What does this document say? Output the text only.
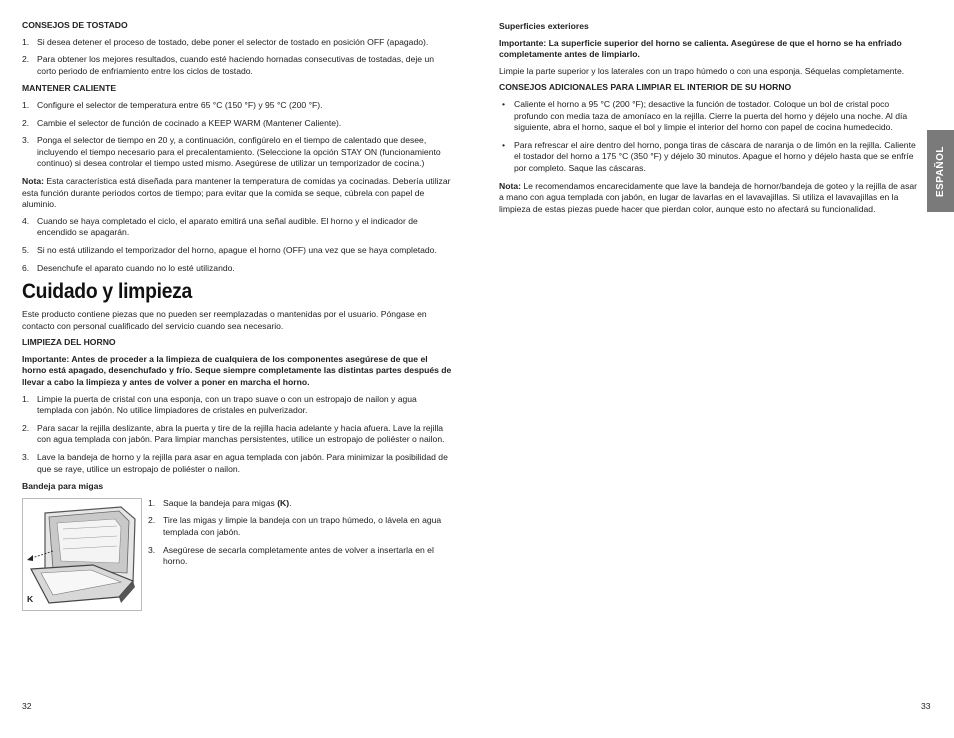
CONSEJOS DE TOSTADO
1. Si desea detener el proceso de tostado, debe poner el selector de tostado en posición OFF (apagado).
2. Para obtener los mejores resultados, cuando esté haciendo hornadas consecutivas de tostadas, deje un corto periodo de enfriamiento entre los ciclos de tostado.
MANTENER CALIENTE
1. Configure el selector de temperatura entre 65 °C (150 °F) y 95 °C (200 °F).
2. Cambie el selector de función de cocinado a KEEP WARM (Mantener Caliente).
3. Ponga el selector de tiempo en 20 y, a continuación, configúrelo en el tiempo de calentado que desee, incluyendo el tiempo necesario para el precalentamiento. (Seleccione la opción STAY ON (funcionamiento continuo) si desea controlar el tiempo usted mismo. Asegúrese de utilizar un temporizador de cocina.)

Nota: Esta característica está diseñada para mantener la temperatura de comidas ya cocinadas. Debería utilizar esta función durante periodos cortos de tiempo; para evitar que la comida se seque, cúbrela con papel de aluminio.

4. Cuando se haya completado el ciclo, el aparato emitirá una señal audible. El horno y el indicador de encendido se apagarán.
5. Si no está utilizando el temporizador del horno, apague el horno (OFF) una vez que se haya completado.
6. Desenchufe el aparato cuando no lo esté utilizando.
Cuidado y limpieza

Este producto contiene piezas que no pueden ser reemplazadas o mantenidas por el usuario. Póngase en contacto con personal cualificado del servicio cuando sea necesario.

LIMPIEZA DEL HORNO

Importante: Antes de proceder a la limpieza de cualquiera de los componentes asegúrese de que el horno está apagado, desenchufado y frío. Seque siempre completamente las distintas partes después de llevar a cabo la limpieza y antes de volver a poner en marcha el horno.

1. Limpie la puerta de cristal con una esponja, con un trapo suave o con un estropajo de nailon y agua templada con jabón. No utilice limpiadores de cristales en pulverizador.
2. Para sacar la rejilla deslizante, abra la puerta y tire de la rejilla hacia adelante y hacia afuera. Lave la rejilla con agua templada con jabón. Para limpiar manchas persistentes, utilice un estropajo de poliéster o nailon.
3. Lave la bandeja de horno y la rejilla para asar en agua templada con jabón. Para minimizar la posibilidad de que se raye, utilice un estropajo de poliéster o nailon.
Bandeja para migas
K
1. Saque la bandeja para migas (K).
2. Tire las migas y limpie la bandeja con un trapo húmedo, o lávela en agua templada con jabón.
3. Asegúrese de secarla completamente antes de volver a insertarla en el horno.
32
Superficies exteriores

Importante: La superficie superior del horno se calienta. Asegúrese de que el horno se ha enfriado completamente antes de limpiarlo.

Limpie la parte superior y los laterales con un trapo húmedo o con una esponja. Séquelas completamente.

CONSEJOS ADICIONALES PARA LIMPIAR EL INTERIOR DE SU HORNO
• Caliente el horno a 95 °C (200 °F); desactive la función de tostador. Coloque un bol de cristal poco profundo con media taza de amoníaco en la rejilla. Cierre la puerta del horno y déjelo una noche. Al día siguiente, abra el horno, saque el bol y limpie el interior del horno con papel de cocina humedecido.
• Para refrescar el aire dentro del horno, ponga tiras de cáscara de naranja o de limón en la rejilla. Caliente el tostador del horno a 175 °C (350 °F) y déjelo 30 minutos. Apague el horno y déjelo hasta que se enfríe por completo. Saque las cáscaras.

Nota: Le recomendamos encarecidamente que lave la bandeja de hornor/bandeja de goteo y la rejilla de asar a mano con agua templada con jabón, en lugar de lavarlas en el lavavajillas. Si utiliza el lavavajillas en la limpieza de estas piezas puede hacer que pierdan color, aunque esto no afectará su funcionalidad.

ESPAÑOL
33
